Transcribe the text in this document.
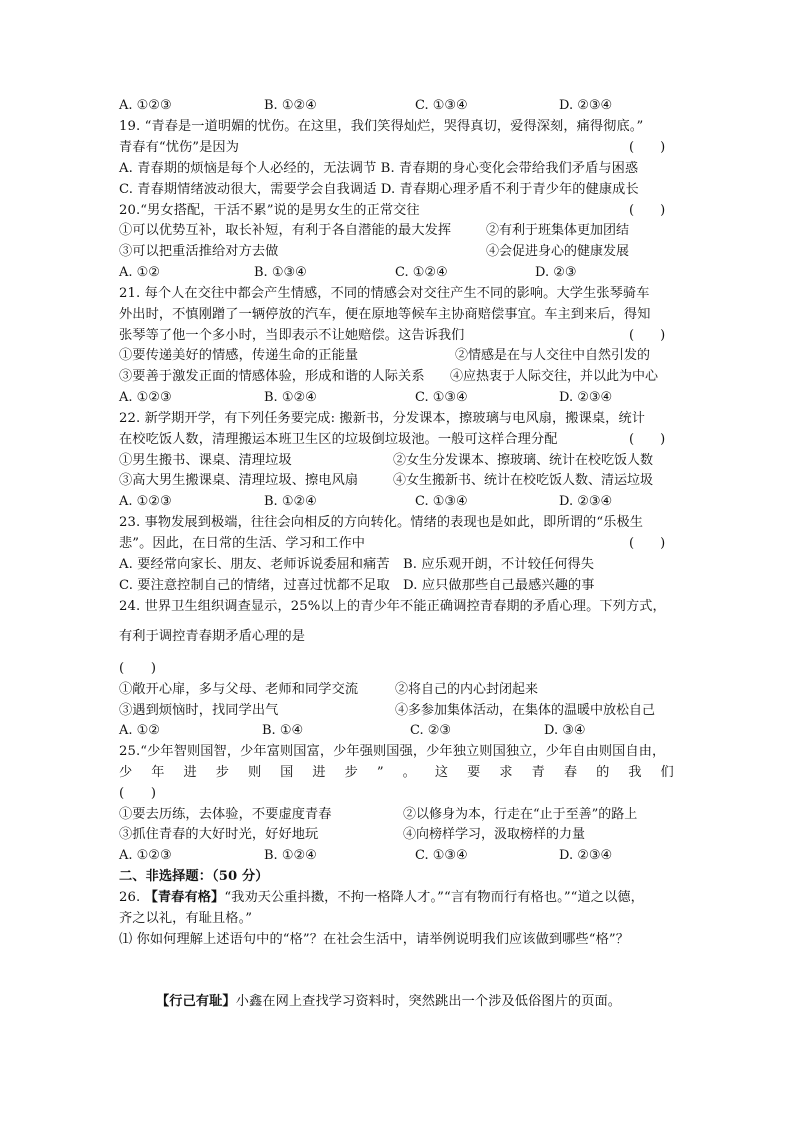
A. ①②③	B. ①②④	C. ①③④	D. ②③④
19. “青春是一道明媚的忧伤。在这里，我们笑得灿烂，哭得真切，爱得深刻，痛得彻底。”
青春有“忧伤”是因为	(　　)
A. 青春期的烦恼是每个人必经的，无法调节 B. 青春期的身心变化会带给我们矛盾与困惑
C. 青春期情绪波动很大，需要学会自我调适 D. 青春期心理矛盾不利于青少年的健康成长
20.“男女搭配，干活不累”说的是男女生的正常交往	(　　)
①可以优势互补，取长补短，有利于各自潜能的最大发挥	②有利于班集体更加团结
③可以把重活推给对方去做	④会促进身心的健康发展
A. ①②	B. ①③④	C. ①②④	D. ②③
21. 每个人在交往中都会产生情感，不同的情感会对交往产生不同的影响。大学生张琴骑车
外出时，不慎刚蹭了一辆停放的汽车，便在原地等候车主协商赔偿事宜。车主到来后，得知
张琴等了他一个多小时，当即表示不让她赔偿。这告诉我们	(　　)
①要传递美好的情感，传递生命的正能量	②情感是在与人交往中自然引发的
③要善于激发正面的情感体验，形成和谐的人际关系 ④应热衷于人际交往，并以此为中心
A. ①②③	B. ①②④	C. ①③④	D. ②③④
22. 新学期开学，有下列任务要完成: 搬新书，分发课本，擦玻璃与电风扇，搬课桌，统计
在校吃饭人数，清理搬运本班卫生区的垃圾倒垃圾池。一般可这样合理分配	(　　)
①男生搬书、课桌、清理垃圾	②女生分发课本、擦玻璃、统计在校吃饭人数
③高大男生搬课桌、清理垃圾、擦电风扇	④女生搬新书、统计在校吃饭人数、清运垃圾
A. ①②③	B. ①②④	C. ①③④	D. ②③④
23. 事物发展到极端，往往会向相反的方向转化。情绪的表现也是如此，即所谓的“乐极生
悲”。因此，在日常的生活、学习和工作中	(　　)
A. 要经常向家长、朋友、老师诉说委屈和痛苦　B. 应乐观开朗，不计较任何得失
C. 要注意控制自己的情绪，过喜过忧都不足取　D. 应只做那些自己最感兴趣的事
24. 世界卫生组织调查显示，25%以上的青少年不能正确调控青春期的矛盾心理。下列方式，
有利于调控青春期矛盾心理的是
(　　)
①敞开心扉，多与父母、老师和同学交流	②将自己的内心封闭起来
③遇到烦恼时，找同学出气	④多参加集体活动，在集体的温暖中放松自己
A. ①②	B. ①④	C. ②③	D. ③④
25.“少年智则国智，少年富则国富，少年强则国强，少年独立则国独立，少年自由则国自由，
少 年 进 步 则 国 进 步 ” 。 这 要 求 青 春 的 我 们
(　　)
①要去历练，去体验，不要虚度青春	②以修身为本，行走在“止于至善”的路上
③抓住青春的大好时光，好好地玩	④向榜样学习，汲取榜样的力量
A. ①②③	B. ①②④	C. ①③④	D. ②③④
二、非选择题：（50 分）
26. 【青春有格】“我劝天公重抖擞，不拘一格降人才。”“言有物而行有格也。”“道之以德，
齐之以礼，有耻且格。”
⑴ 你如何理解上述语句中的“格”？在社会生活中，请举例说明我们应该做到哪些“格”？
【行己有耻】小鑫在网上查找学习资料时，突然跳出一个涉及低俗图片的页面。
